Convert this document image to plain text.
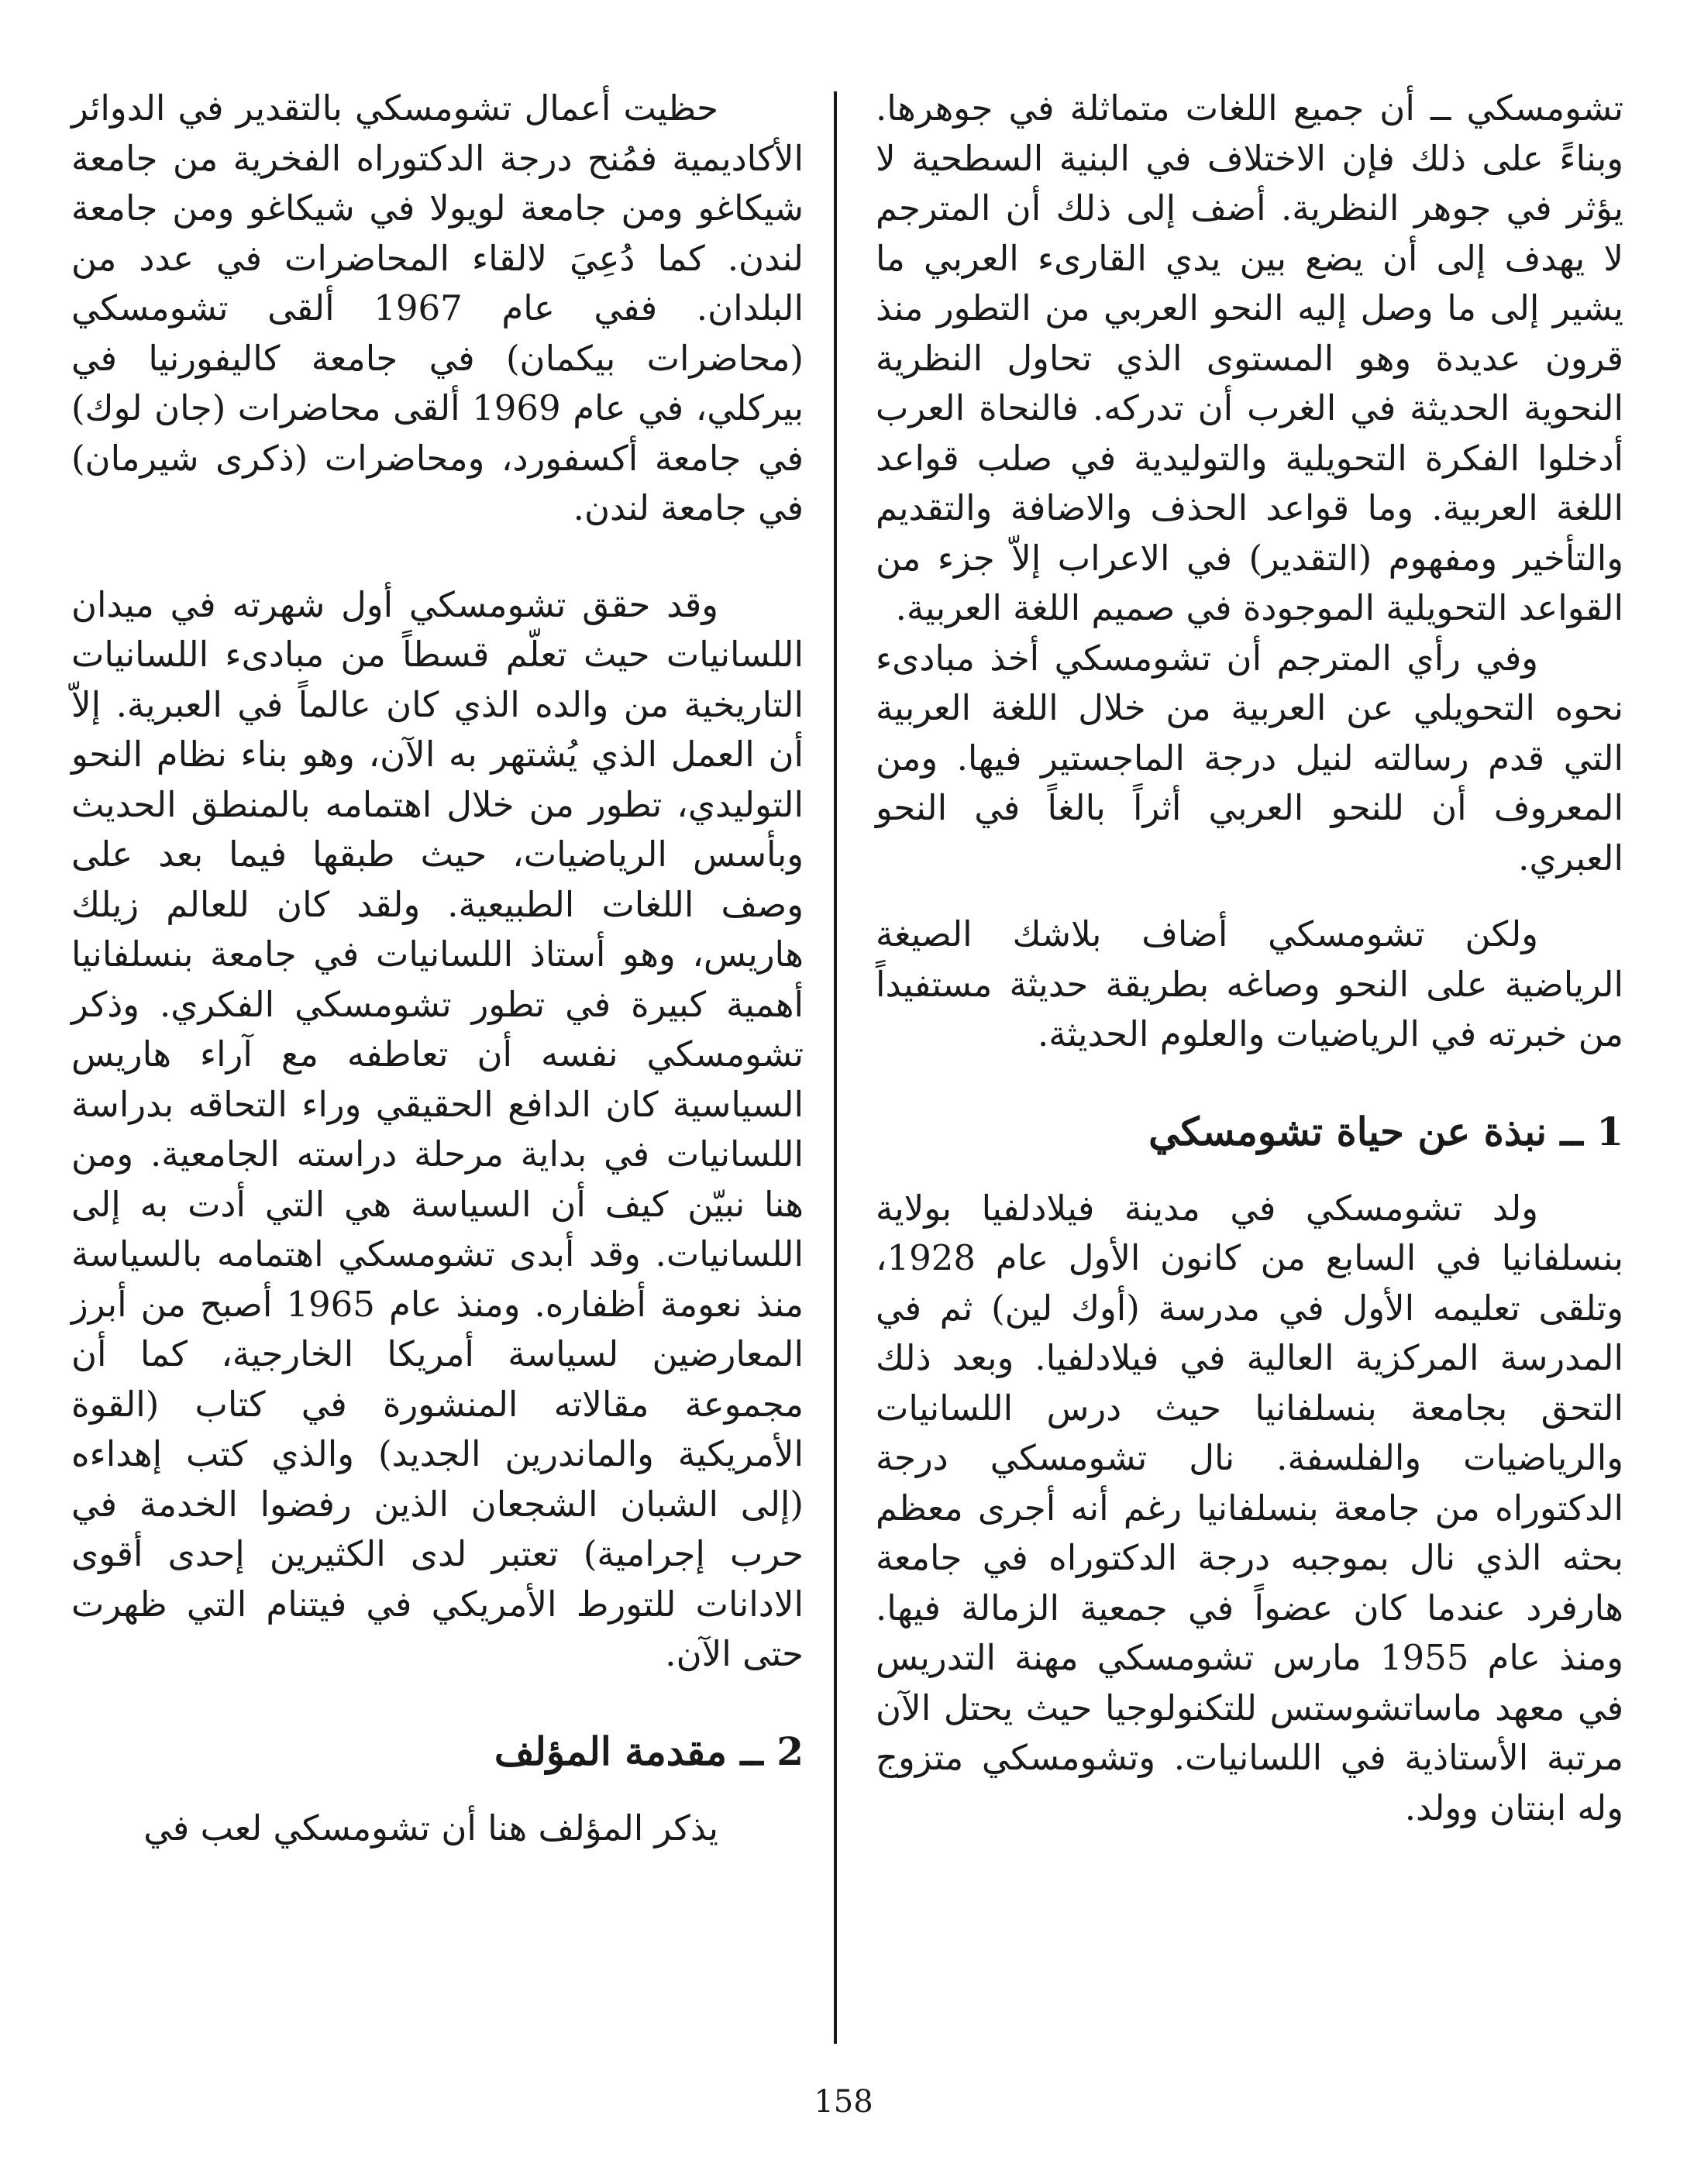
تشومسكي ــ أن جميع اللغات متماثلة في جوهرها. وبناءً على ذلك فإن الاختلاف في البنية السطحية لا يؤثر في جوهر النظرية. أضف إلى ذلك أن المترجم لا يهدف إلى أن يضع بين يدي القارىء العربي ما يشير إلى ما وصل إليه النحو العربي من التطور منذ قرون عديدة وهو المستوى الذي تحاول النظرية النحوية الحديثة في الغرب أن تدركه. فالنحاة العرب أدخلوا الفكرة التحويلية والتوليدية في صلب قواعد اللغة العربية. وما قواعد الحذف والاضافة والتقديم والتأخير ومفهوم (التقدير) في الاعراب إلاّ جزء من القواعد التحويلية الموجودة في صميم اللغة العربية.

وفي رأي المترجم أن تشومسكي أخذ مبادىء نحوه التحويلي عن العربية من خلال اللغة العربية التي قدم رسالته لنيل درجة الماجستير فيها. ومن المعروف أن للنحو العربي أثراً بالغاً في النحو العبري.

ولكن تشومسكي أضاف بلاشك الصيغة الرياضية على النحو وصاغه بطريقة حديثة مستفيداً من خبرته في الرياضيات والعلوم الحديثة.

1 ــ نبذة عن حياة تشومسكي

ولد تشومسكي في مدينة فيلادلفيا بولاية بنسلفانيا في السابع من كانون الأول عام 1928، وتلقى تعليمه الأول في مدرسة (أوك لين) ثم في المدرسة المركزية العالية في فيلادلفيا. وبعد ذلك التحق بجامعة بنسلفانيا حيث درس اللسانيات والرياضيات والفلسفة. نال تشومسكي درجة الدكتوراه من جامعة بنسلفانيا رغم أنه أجرى معظم بحثه الذي نال بموجبه درجة الدكتوراه في جامعة هارفرد عندما كان عضواً في جمعية الزمالة فيها. ومنذ عام 1955 مارس تشومسكي مهنة التدريس في معهد ماساتشوستس للتكنولوجيا حيث يحتل الآن مرتبة الأستاذية في اللسانيات. وتشومسكي متزوج وله ابنتان وولد.

حظيت أعمال تشومسكي بالتقدير في الدوائر الأكاديمية فمُنح درجة الدكتوراه الفخرية من جامعة شيكاغو ومن جامعة لويولا في شيكاغو ومن جامعة لندن. كما دُعِيَ لالقاء المحاضرات في عدد من البلدان. ففي عام 1967 ألقى تشومسكي (محاضرات بيكمان) في جامعة كاليفورنيا في بيركلي، في عام 1969 ألقى محاضرات (جان لوك) في جامعة أكسفورد، ومحاضرات (ذكرى شيرمان) في جامعة لندن.

وقد حقق تشومسكي أول شهرته في ميدان اللسانيات حيث تعلّم قسطاً من مبادىء اللسانيات التاريخية من والده الذي كان عالماً في العبرية. إلاّ أن العمل الذي يُشتهر به الآن، وهو بناء نظام النحو التوليدي، تطور من خلال اهتمامه بالمنطق الحديث وبأسس الرياضيات، حيث طبقها فيما بعد على وصف اللغات الطبيعية. ولقد كان للعالم زيلك هاريس، وهو أستاذ اللسانيات في جامعة بنسلفانيا أهمية كبيرة في تطور تشومسكي الفكري. وذكر تشومسكي نفسه أن تعاطفه مع آراء هاريس السياسية كان الدافع الحقيقي وراء التحاقه بدراسة اللسانيات في بداية مرحلة دراسته الجامعية. ومن هنا نبيّن كيف أن السياسة هي التي أدت به إلى اللسانيات. وقد أبدى تشومسكي اهتمامه بالسياسة منذ نعومة أظفاره. ومنذ عام 1965 أصبح من أبرز المعارضين لسياسة أمريكا الخارجية، كما أن مجموعة مقالاته المنشورة في كتاب (القوة الأمريكية والماندرين الجديد) والذي كتب إهداءه (إلى الشبان الشجعان الذين رفضوا الخدمة في حرب إجرامية) تعتبر لدى الكثيرين إحدى أقوى الادانات للتورط الأمريكي في فيتنام التي ظهرت حتى الآن.

2 ــ مقدمة المؤلف

يذكر المؤلف هنا أن تشومسكي لعب في

158
